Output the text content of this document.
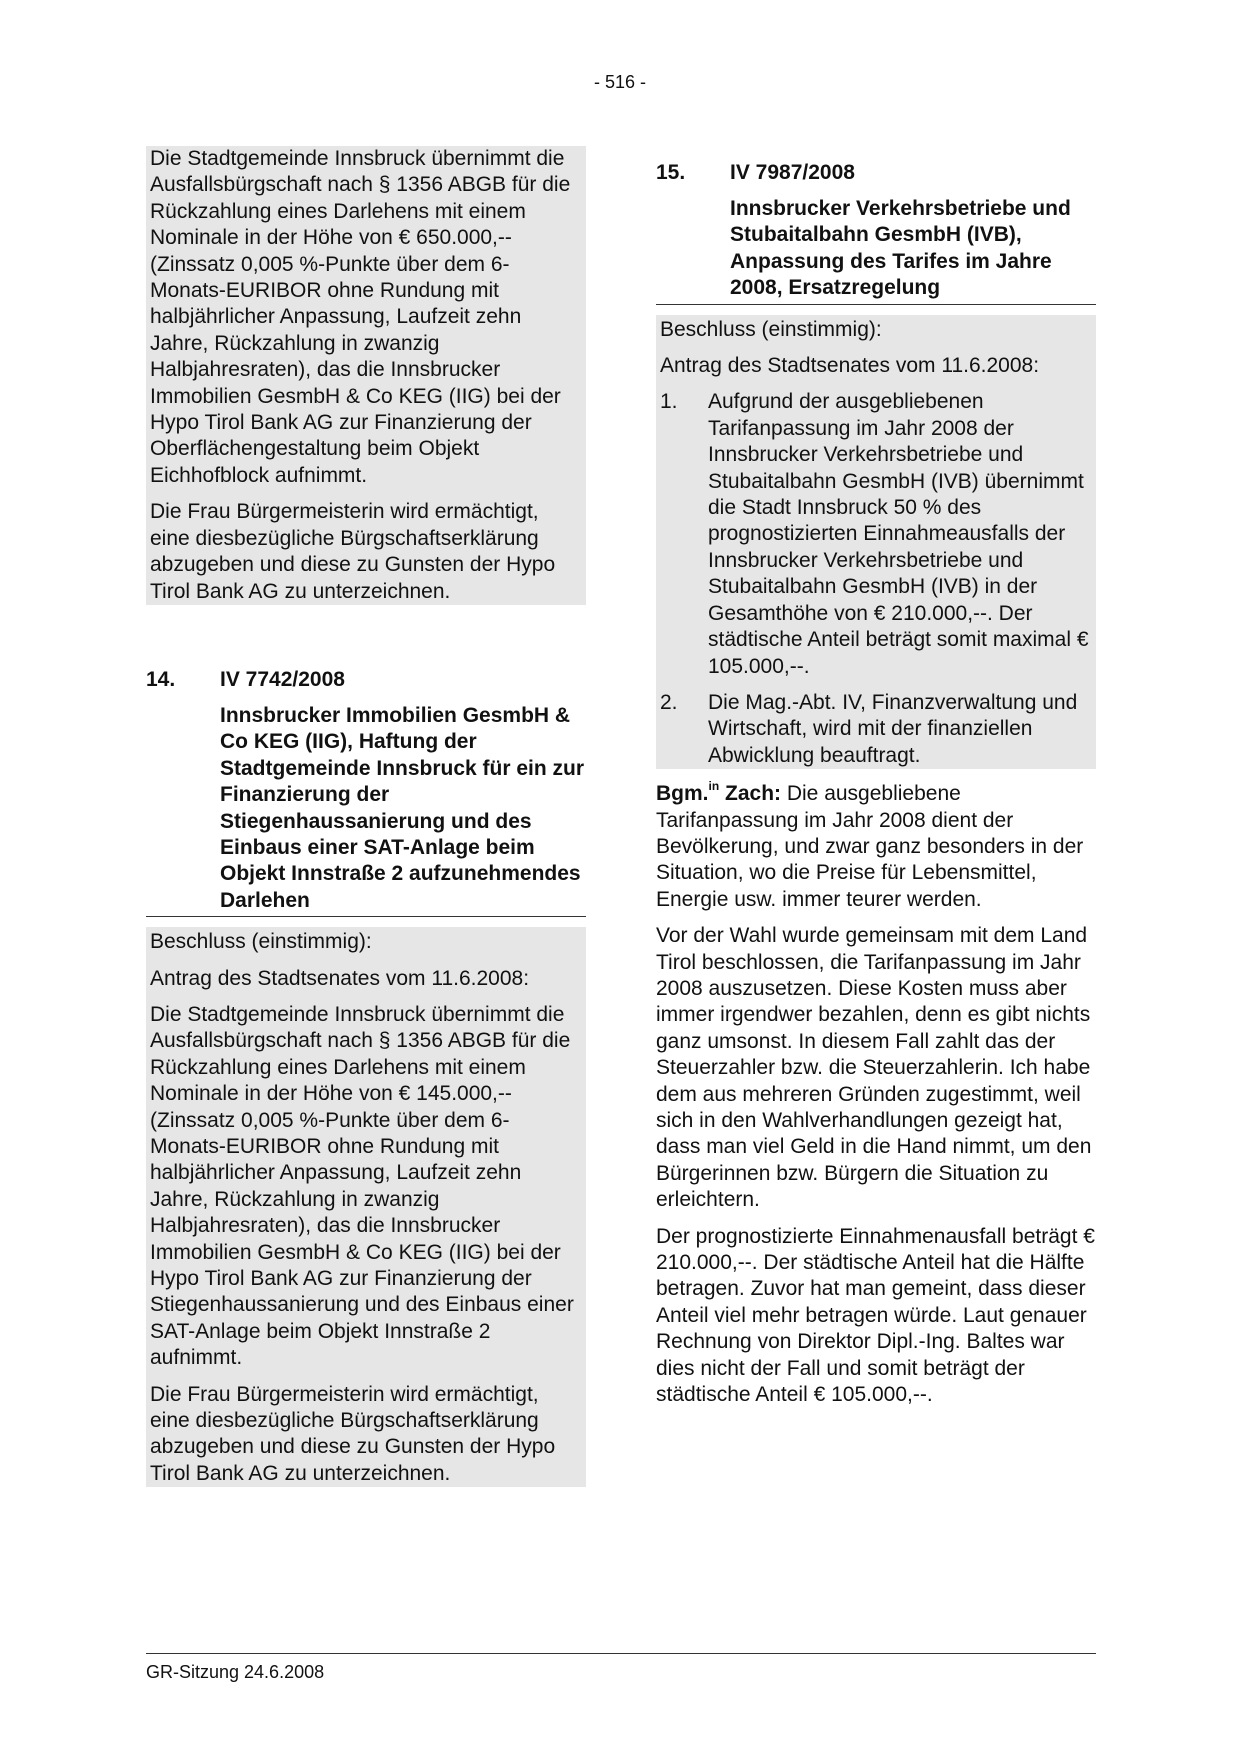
- 516 -

Die Stadtgemeinde Innsbruck übernimmt die Ausfallsbürgschaft nach § 1356 ABGB für die Rückzahlung eines Darlehens mit einem Nominale in der Höhe von € 650.000,-- (Zinssatz 0,005 %-Punkte über dem 6-Monats-EURIBOR ohne Rundung mit halbjährlicher Anpassung, Laufzeit zehn Jahre, Rückzahlung in zwanzig Halbjahresraten), das die Innsbrucker Immobilien GesmbH & Co KEG (IIG) bei der Hypo Tirol Bank AG zur Finanzierung der Oberflächengestaltung beim Objekt Eichhofblock aufnimmt.

Die Frau Bürgermeisterin wird ermächtigt, eine diesbezügliche Bürgschaftserklärung abzugeben und diese zu Gunsten der Hypo Tirol Bank AG zu unterzeichnen.

14.	IV 7742/2008
Innsbrucker Immobilien GesmbH & Co KEG (IIG), Haftung der Stadtgemeinde Innsbruck für ein zur Finanzierung der Stiegenhaussanierung und des Einbaus einer SAT-Anlage beim Objekt Innstraße 2 aufzunehmendes Darlehen

Beschluss (einstimmig):

Antrag des Stadtsenates vom 11.6.2008:

Die Stadtgemeinde Innsbruck übernimmt die Ausfallsbürgschaft nach § 1356 ABGB für die Rückzahlung eines Darlehens mit einem Nominale in der Höhe von € 145.000,-- (Zinssatz 0,005 %-Punkte über dem 6-Monats-EURIBOR ohne Rundung mit halbjährlicher Anpassung, Laufzeit zehn Jahre, Rückzahlung in zwanzig Halbjahresraten), das die Innsbrucker Immobilien GesmbH & Co KEG (IIG) bei der Hypo Tirol Bank AG zur Finanzierung der Stiegenhaussanierung und des Einbaus einer SAT-Anlage beim Objekt Innstraße 2 aufnimmt.

Die Frau Bürgermeisterin wird ermächtigt, eine diesbezügliche Bürgschaftserklärung abzugeben und diese zu Gunsten der Hypo Tirol Bank AG zu unterzeichnen.

15.	IV 7987/2008
Innsbrucker Verkehrsbetriebe und Stubaitalbahn GesmbH (IVB), Anpassung des Tarifes im Jahre 2008, Ersatzregelung

Beschluss (einstimmig):

Antrag des Stadtsenates vom 11.6.2008:

1.	Aufgrund der ausgebliebenen Tarifanpassung im Jahr 2008 der Innsbrucker Verkehrsbetriebe und Stubaitalbahn GesmbH (IVB) übernimmt die Stadt Innsbruck 50 % des prognostizierten Einnahmeausfalls der Innsbrucker Verkehrsbetriebe und Stubaitalbahn GesmbH (IVB) in der Gesamthöhe von € 210.000,--. Der städtische Anteil beträgt somit maximal € 105.000,--.
2.	Die Mag.-Abt. IV, Finanzverwaltung und Wirtschaft, wird mit der finanziellen Abwicklung beauftragt.

Bgm.$^{in}$ Zach: Die ausgebliebene Tarifanpassung im Jahr 2008 dient der Bevölkerung, und zwar ganz besonders in der Situation, wo die Preise für Lebensmittel, Energie usw. immer teurer werden.

Vor der Wahl wurde gemeinsam mit dem Land Tirol beschlossen, die Tarifanpassung im Jahr 2008 auszusetzen. Diese Kosten muss aber immer irgendwer bezahlen, denn es gibt nichts ganz umsonst. In diesem Fall zahlt das der Steuerzahler bzw. die Steuerzahlerin. Ich habe dem aus mehreren Gründen zugestimmt, weil sich in den Wahlverhandlungen gezeigt hat, dass man viel Geld in die Hand nimmt, um den Bürgerinnen bzw. Bürgern die Situation zu erleichtern.

Der prognostizierte Einnahmenausfall beträgt € 210.000,--. Der städtische Anteil hat die Hälfte betragen. Zuvor hat man gemeint, dass dieser Anteil viel mehr betragen würde. Laut genauer Rechnung von Direktor Dipl.-Ing. Baltes war dies nicht der Fall und somit beträgt der städtische Anteil € 105.000,--.

GR-Sitzung 24.6.2008
